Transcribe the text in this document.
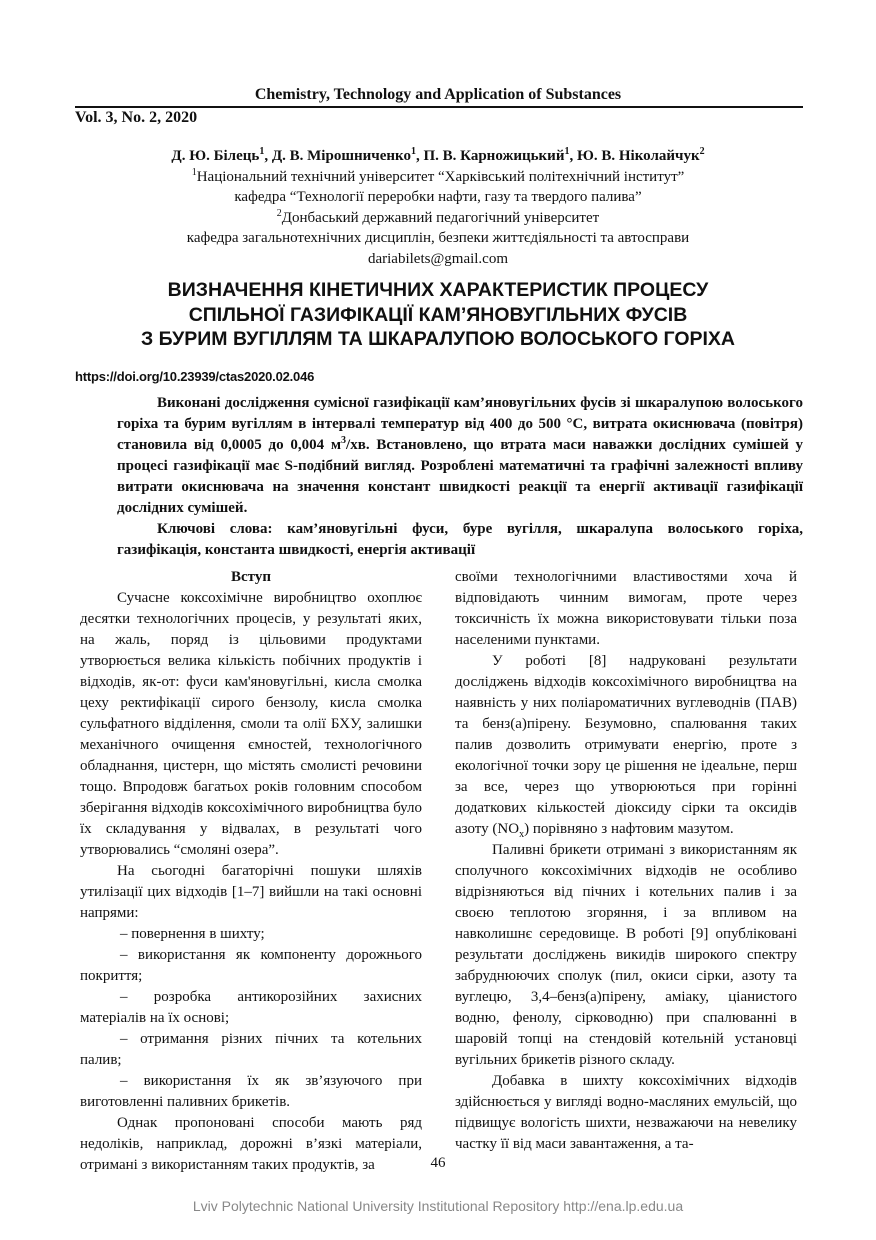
Chemistry, Technology and Application of Substances
Vol. 3, No. 2, 2020
Д. Ю. Білець$^1$, Д. В. Мірошниченко$^1$, П. В. Карножицький$^1$, Ю. В. Ніколайчук$^2$
$^1$Національний технічний університет “Харківський політехнічний інститут”
кафедра “Технології переробки нафти, газу та твердого палива”
$^2$Донбаський державний педагогічний університет
кафедра загальнотехнічних дисциплін, безпеки життєдіяльності та автосправи
dariabilets@gmail.com
ВИЗНАЧЕННЯ КІНЕТИЧНИХ ХАРАКТЕРИСТИК ПРОЦЕСУ
СПІЛЬНОЇ ГАЗИФІКАЦІЇ КАМ’ЯНОВУГІЛЬНИХ ФУСІВ
З БУРИМ ВУГІЛЛЯМ ТА ШКАРАЛУПОЮ ВОЛОСЬКОГО ГОРІХА
https://doi.org/10.23939/ctas2020.02.046

Виконані дослідження сумісної газифікації кам’яновугільних фусів зі шкаралупою волоського горіха та бурим вугіллям в інтервалі температур від 400 до 500 °С, витрата окиснювача (повітря) становила від 0,0005 до 0,004 $м^3/хв$. Встановлено, що втрата маси наважки дослідних сумішей у процесі газифікації має S-подібний вигляд. Розроблені математичні та графічні залежності впливу витрати окиснювача на значення констант швидкості реакції та енергії активації газифікації дослідних сумішей.

Ключові слова: кам’яновугільні фуси, буре вугілля, шкаралупа волоського горіха, газифікація, константа швидкості, енергія активації

Вступ

Сучасне коксохімічне виробництво охоплює десятки технологічних процесів, у результаті яких, на жаль, поряд із цільовими продуктами утворюється велика кількість побічних продуктів і відходів, як-от: фуси кам'яновугільні, кисла смолка цеху ректифікації сирого бензолу, кисла смолка сульфатного відділення, смоли та олії БХУ, залишки механічного очищення ємностей, технологічного обладнання, цистерн, що містять смолисті речовини тощо. Впродовж багатьох років головним способом зберігання відходів коксохімічного виробництва було їх складування у відвалах, в результаті чого утворювались “смоляні озера”.

На сьогодні багаторічні пошуки шляхів утилізації цих відходів [1–7] вийшли на такі основні напрями:

– повернення в шихту;

– використання як компоненту дорожнього покриття;

– розробка антикорозійних захисних матеріалів на їх основі;

– отримання різних пічних та котельних палив;

– використання їх як зв’язуючого при виготовленні паливних брикетів.

Однак пропоновані способи мають ряд недоліків, наприклад, дорожні в’язкі матеріали, отримані з використанням таких продуктів, за

своїми технологічними властивостями хоча й відповідають чинним вимогам, проте через токсичність їх можна використовувати тільки поза населеними пунктами.

У роботі [8] надруковані результати досліджень відходів коксохімічного виробництва на наявність у них поліароматичних вуглеводнів (ПАВ) та бенз(а)пірену. Безумовно, спалювання таких палив дозволить отримувати енергію, проте з екологічної точки зору це рішення не ідеальне, перш за все, через що утворюються при горінні додаткових кількостей діоксиду сірки та оксидів азоту $(NO_x)$ порівняно з нафтовим мазутом.

Паливні брикети отримані з використанням як сполучного коксохімічних відходів не особливо відрізняються від пічних і котельних палив і за своєю теплотою згоряння, і за впливом на навколишнє середовище. В роботі [9] опубліковані результати досліджень викидів широкого спектру забруднюючих сполук (пил, окиси сірки, азоту та вуглецю, 3,4–бенз(а)пірену, аміаку, ціанистого водню, фенолу, сірководню) при спалюванні в шаровій топці на стендовій котельній установці вугільних брикетів різного складу.

Добавка в шихту коксохімічних відходів здійснюється у вигляді водно-масляних емульсій, що підвищує вологість шихти, незважаючи на невелику частку її від маси завантаження, а та-

46
Lviv Polytechnic National University Institutional Repository http://ena.lp.edu.ua
